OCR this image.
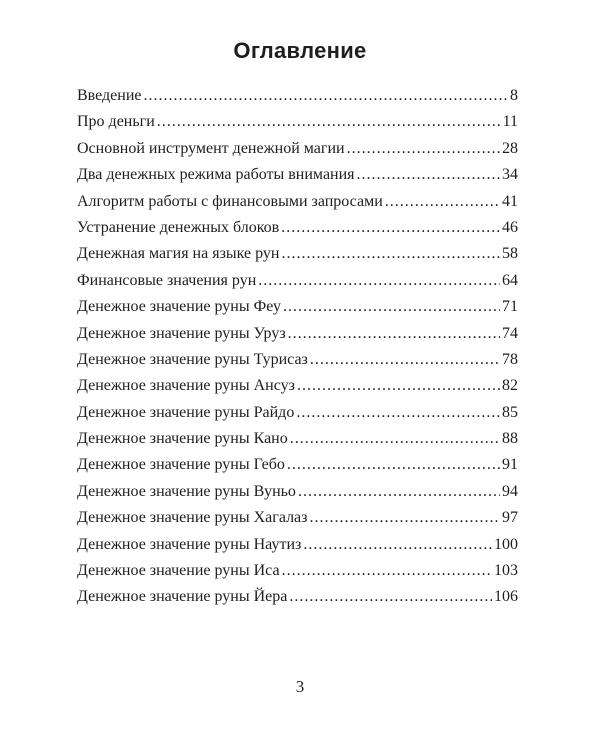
Оглавление
Введение .....	8
Про деньги .....	11
Основной инструмент денежной магии .....	28
Два денежных режима работы внимания .....	34
Алгоритм работы с финансовыми запросами .....	41
Устранение денежных блоков .....	46
Денежная магия на языке рун .....	58
Финансовые значения рун .....	64
Денежное значение руны Феу .....	71
Денежное значение руны Уруз .....	74
Денежное значение руны Турисаз .....	78
Денежное значение руны Ансуз .....	82
Денежное значение руны Райдо .....	85
Денежное значение руны Кано .....	88
Денежное значение руны Гебо .....	91
Денежное значение руны Вуньо .....	94
Денежное значение руны Хагалаз .....	97
Денежное значение руны Наутиз .....	100
Денежное значение руны Иса .....	103
Денежное значение руны Йера .....	106
3
